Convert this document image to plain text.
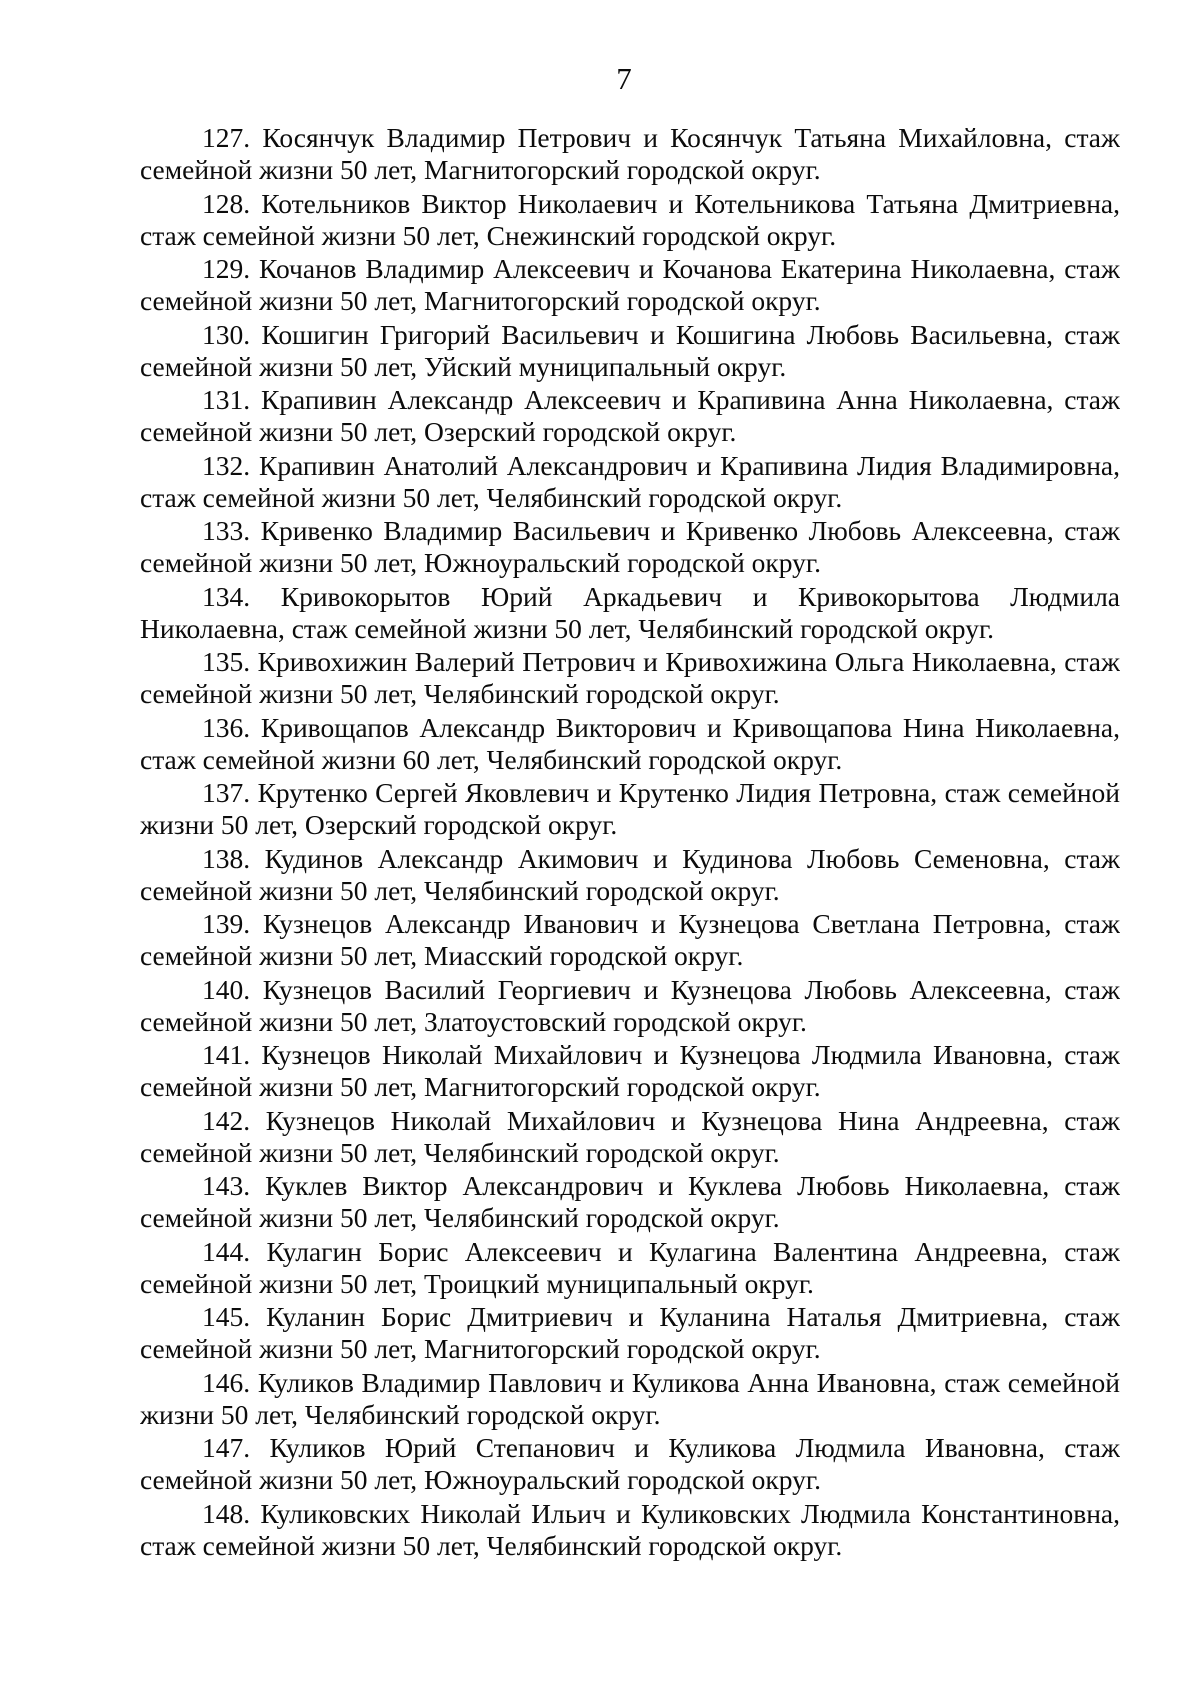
7
127. Косянчук Владимир Петрович и Косянчук Татьяна Михайловна, стаж семейной жизни 50 лет, Магнитогорский городской округ.
128. Котельников Виктор Николаевич и Котельникова Татьяна Дмитриевна, стаж семейной жизни 50 лет, Снежинский городской округ.
129. Кочанов Владимир Алексеевич и Кочанова Екатерина Николаевна, стаж семейной жизни 50 лет, Магнитогорский городской округ.
130. Кошигин Григорий Васильевич и Кошигина Любовь Васильевна, стаж семейной жизни 50 лет, Уйский муниципальный округ.
131. Крапивин Александр Алексеевич и Крапивина Анна Николаевна, стаж семейной жизни 50 лет, Озерский городской округ.
132. Крапивин Анатолий Александрович и Крапивина Лидия Владимировна, стаж семейной жизни 50 лет, Челябинский городской округ.
133. Кривенко Владимир Васильевич и Кривенко Любовь Алексеевна, стаж семейной жизни 50 лет, Южноуральский городской округ.
134. Кривокорытов Юрий Аркадьевич и Кривокорытова Людмила Николаевна, стаж семейной жизни 50 лет, Челябинский городской округ.
135. Кривохижин Валерий Петрович и Кривохижина Ольга Николаевна, стаж семейной жизни 50 лет, Челябинский городской округ.
136. Кривощапов Александр Викторович и Кривощапова Нина Николаевна, стаж семейной жизни 60 лет, Челябинский городской округ.
137. Крутенко Сергей Яковлевич и Крутенко Лидия Петровна, стаж семейной жизни 50 лет, Озерский городской округ.
138. Кудинов Александр Акимович и Кудинова Любовь Семеновна, стаж семейной жизни 50 лет, Челябинский городской округ.
139. Кузнецов Александр Иванович и Кузнецова Светлана Петровна, стаж семейной жизни 50 лет, Миасский городской округ.
140. Кузнецов Василий Георгиевич и Кузнецова Любовь Алексеевна, стаж семейной жизни 50 лет, Златоустовский городской округ.
141. Кузнецов Николай Михайлович и Кузнецова Людмила Ивановна, стаж семейной жизни 50 лет, Магнитогорский городской округ.
142. Кузнецов Николай Михайлович и Кузнецова Нина Андреевна, стаж семейной жизни 50 лет, Челябинский городской округ.
143. Куклев Виктор Александрович и Куклева Любовь Николаевна, стаж семейной жизни 50 лет, Челябинский городской округ.
144. Кулагин Борис Алексеевич и Кулагина Валентина Андреевна, стаж семейной жизни 50 лет, Троицкий муниципальный округ.
145. Куланин Борис Дмитриевич и Куланина Наталья Дмитриевна, стаж семейной жизни 50 лет, Магнитогорский городской округ.
146. Куликов Владимир Павлович и Куликова Анна Ивановна, стаж семейной жизни 50 лет, Челябинский городской округ.
147. Куликов Юрий Степанович и Куликова Людмила Ивановна, стаж семейной жизни 50 лет, Южноуральский городской округ.
148. Куликовских Николай Ильич и Куликовских Людмила Константиновна, стаж семейной жизни 50 лет, Челябинский городской округ.
